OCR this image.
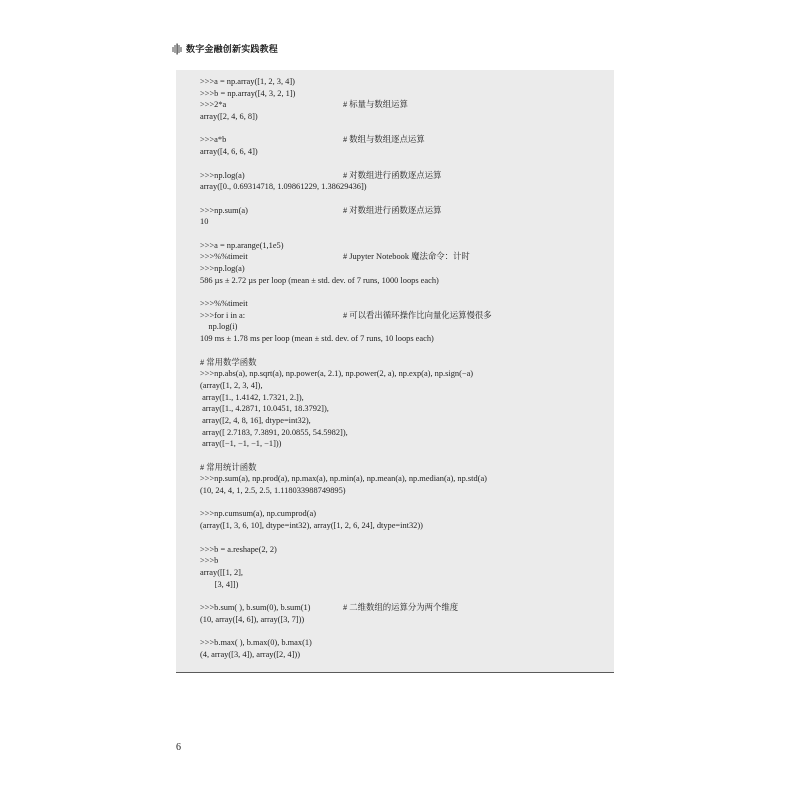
数字金融创新实践教程
>>>a = np.array([1, 2, 3, 4])
>>>b = np.array([4, 3, 2, 1])
>>>2*a	# 标量与数组运算
array([2, 4, 6, 8])
>>>a*b	# 数组与数组逐点运算
array([4, 6, 6, 4])
>>>np.log(a)	# 对数组进行函数逐点运算
array([0., 0.69314718, 1.09861229, 1.38629436])
>>>np.sum(a)	# 对数组进行函数逐点运算
10
>>>a = np.arange(1,1e5)
>>>%%timeit	# Jupyter Notebook 魔法命令：计时
>>>np.log(a)
586 µs ± 2.72 µs per loop (mean ± std. dev. of 7 runs, 1000 loops each)
>>>%%timeit
>>>for i in a:	# 可以看出循环操作比向量化运算慢很多
np.log(i)
109 ms ± 1.78 ms per loop (mean ± std. dev. of 7 runs, 10 loops each)
# 常用数学函数
>>>np.abs(a), np.sqrt(a), np.power(a, 2.1), np.power(2, a), np.exp(a), np.sign(−a)
(array([1, 2, 3, 4]),
array([1., 1.4142, 1.7321, 2.]),
array([1., 4.2871, 10.0451, 18.3792]),
array([2, 4, 8, 16], dtype=int32),
array([ 2.7183, 7.3891, 20.0855, 54.5982]),
array([−1, −1, −1, −1]))
# 常用统计函数
>>>np.sum(a), np.prod(a), np.max(a), np.min(a), np.mean(a), np.median(a), np.std(a)
(10, 24, 4, 1, 2.5, 2.5, 1.118033988749895)
>>>np.cumsum(a), np.cumprod(a)
(array([1, 3, 6, 10], dtype=int32), array([1, 2, 6, 24], dtype=int32))
>>>b = a.reshape(2, 2)
>>>b
array([[1, 2],
[3, 4]])
>>>b.sum( ), b.sum(0), b.sum(1)	# 二维数组的运算分为两个维度
(10, array([4, 6]), array([3, 7]))
>>>b.max( ), b.max(0), b.max(1)
(4, array([3, 4]), array([2, 4]))
6
